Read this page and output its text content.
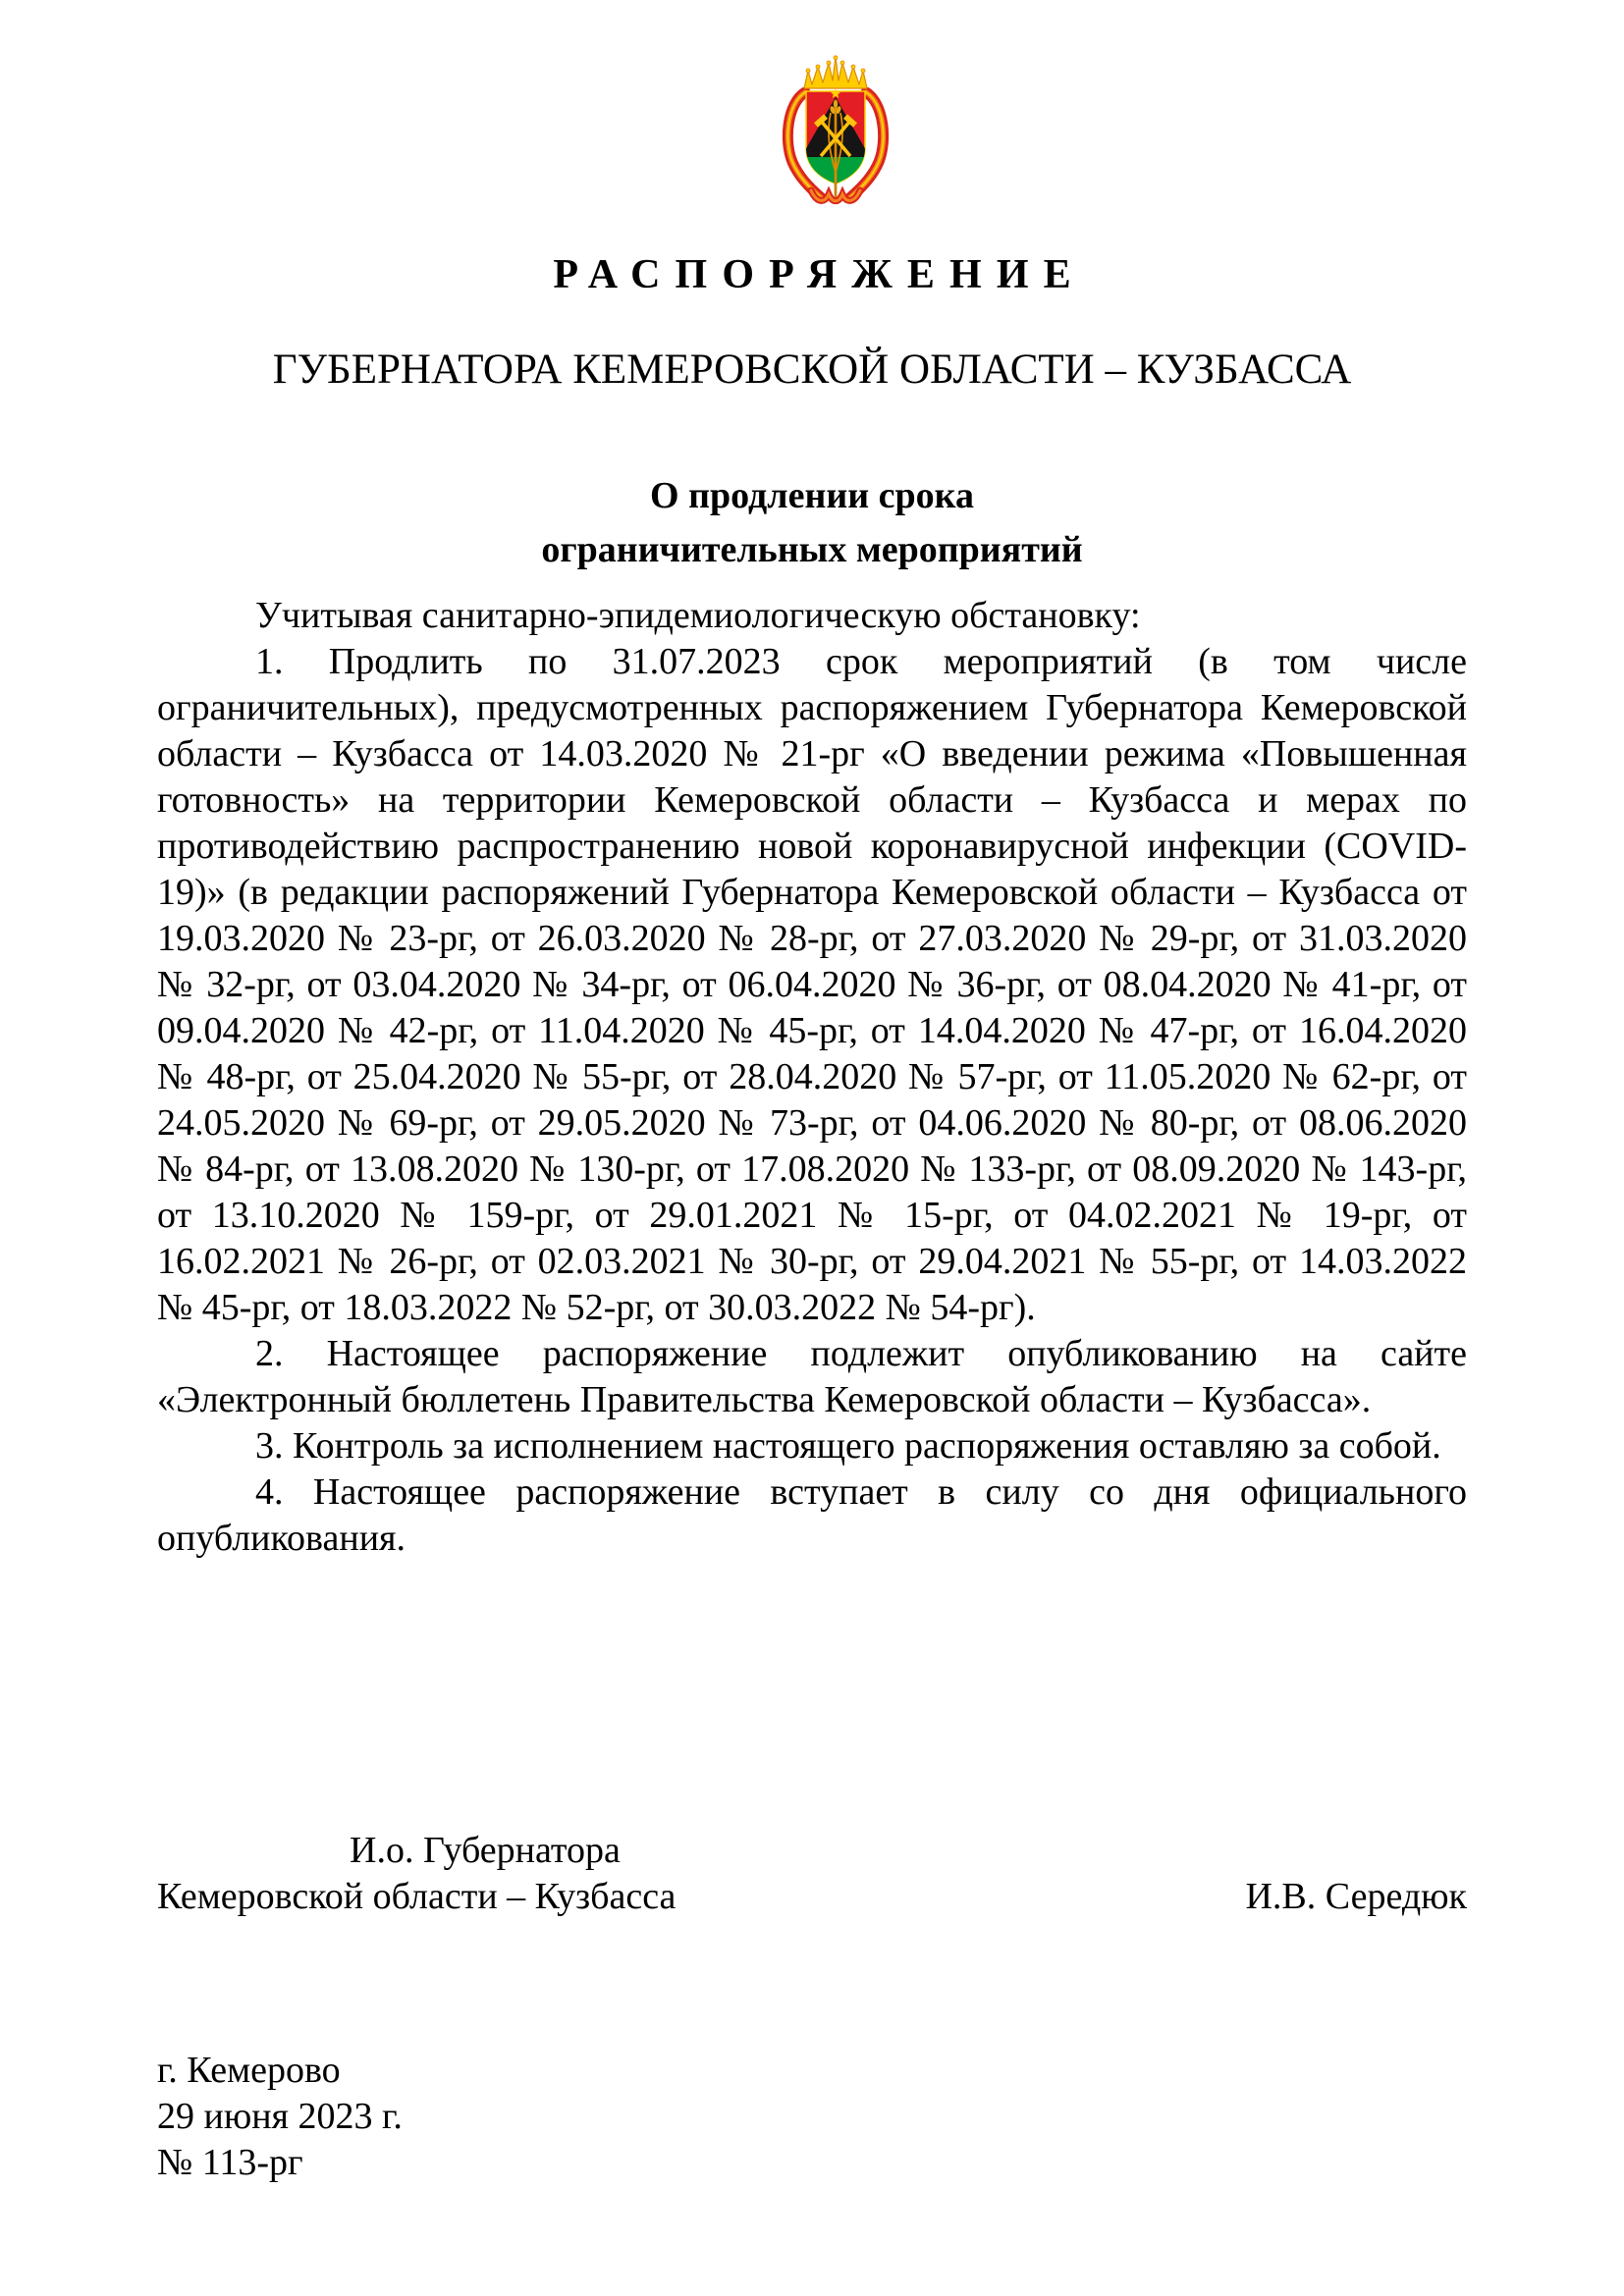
РАСПОРЯЖЕНИЕ
ГУБЕРНАТОРА КЕМЕРОВСКОЙ ОБЛАСТИ – КУЗБАССА
О продлении срока
ограничительных мероприятий

Учитывая санитарно-эпидемиологическую обстановку:

1. Продлить по 31.07.2023 срок мероприятий (в том числе ограничительных), предусмотренных распоряжением Губернатора Кемеровской области – Кузбасса от 14.03.2020 № 21-рг «О введении режима «Повышенная готовность» на территории Кемеровской области – Кузбасса и мерах по противодействию распространению новой коронавирусной инфекции (COVID-19)» (в редакции распоряжений Губернатора Кемеровской области – Кузбасса от 19.03.2020 № 23-рг, от 26.03.2020 № 28-рг, от 27.03.2020 № 29-рг, от 31.03.2020 № 32-рг, от 03.04.2020 № 34-рг, от 06.04.2020 № 36-рг, от 08.04.2020 № 41-рг, от 09.04.2020 № 42-рг, от 11.04.2020 № 45-рг, от 14.04.2020 № 47-рг, от 16.04.2020 № 48-рг, от 25.04.2020 № 55-рг, от 28.04.2020 № 57-рг, от 11.05.2020 № 62-рг, от 24.05.2020 № 69-рг, от 29.05.2020 № 73-рг, от 04.06.2020 № 80-рг, от 08.06.2020 № 84-рг, от 13.08.2020 № 130-рг, от 17.08.2020 № 133-рг, от 08.09.2020 № 143-рг, от 13.10.2020 № 159-рг, от 29.01.2021 № 15-рг, от 04.02.2021 № 19-рг, от 16.02.2021 № 26-рг, от 02.03.2021 № 30-рг, от 29.04.2021 № 55-рг, от 14.03.2022 № 45-рг, от 18.03.2022 № 52-рг, от 30.03.2022 № 54-рг).

2. Настоящее распоряжение подлежит опубликованию на сайте «Электронный бюллетень Правительства Кемеровской области – Кузбасса».

3. Контроль за исполнением настоящего распоряжения оставляю за собой.

4. Настоящее распоряжение вступает в силу со дня официального опубликования.

И.о. Губернатора
Кемеровской области – Кузбасса	И.В. Середюк
г. Кемерово
29 июня 2023 г.
№ 113-рг
